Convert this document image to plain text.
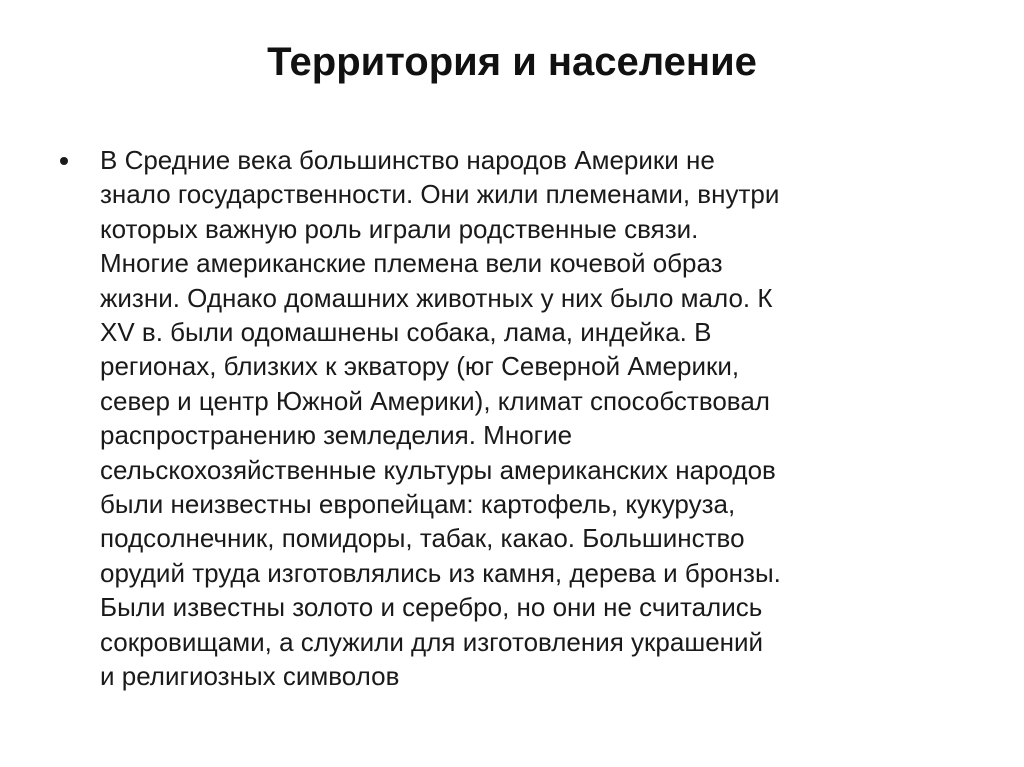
Территория и население

В Средние века большинство народов Америки не
знало государственности. Они жили племенами, внутри
которых важную роль играли родственные связи.
Многие американские племена вели кочевой образ
жизни. Однако домашних животных у них было мало. К
XV в. были одомашнены собака, лама, индейка. В
регионах, близких к экватору (юг Северной Америки,
север и центр Южной Америки), климат способствовал
распространению земледелия. Многие
сельскохозяйственные культуры американских народов
были неизвестны европейцам: картофель, кукуруза,
подсолнечник, помидоры, табак, какао. Большинство
орудий труда изготовлялись из камня, дерева и бронзы.
Были известны золото и серебро, но они не считались
сокровищами, а служили для изготовления украшений
и религиозных символов
